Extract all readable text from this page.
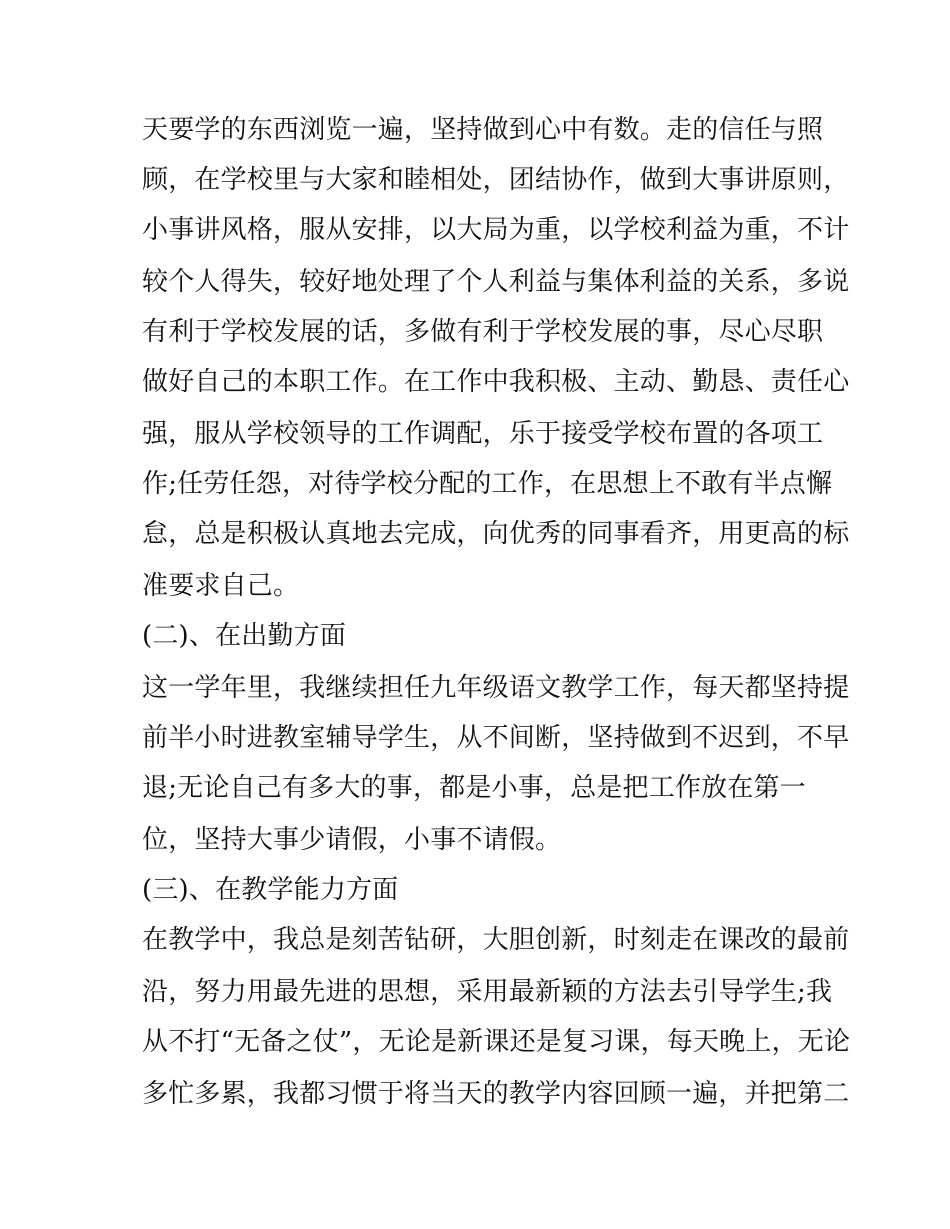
天要学的东西浏览一遍，坚持做到心中有数。走的信任与照
顾，在学校里与大家和睦相处，团结协作，做到大事讲原则，
小事讲风格，服从安排，以大局为重，以学校利益为重，不计
较个人得失，较好地处理了个人利益与集体利益的关系，多说
有利于学校发展的话，多做有利于学校发展的事，尽心尽职
做好自己的本职工作。在工作中我积极、主动、勤恳、责任心
强，服从学校领导的工作调配，乐于接受学校布置的各项工
作;任劳任怨，对待学校分配的工作，在思想上不敢有半点懈
怠，总是积极认真地去完成，向优秀的同事看齐，用更高的标
准要求自己。
(二)、在出勤方面
这一学年里，我继续担任九年级语文教学工作，每天都坚持提
前半小时进教室辅导学生，从不间断，坚持做到不迟到，不早
退;无论自己有多大的事，都是小事，总是把工作放在第一
位，坚持大事少请假，小事不请假。
(三)、在教学能力方面
在教学中，我总是刻苦钻研，大胆创新，时刻走在课改的最前
沿，努力用最先进的思想，采用最新颖的方法去引导学生;我
从不打“无备之仗”，无论是新课还是复习课，每天晚上，无论
多忙多累，我都习惯于将当天的教学内容回顾一遍，并把第二
